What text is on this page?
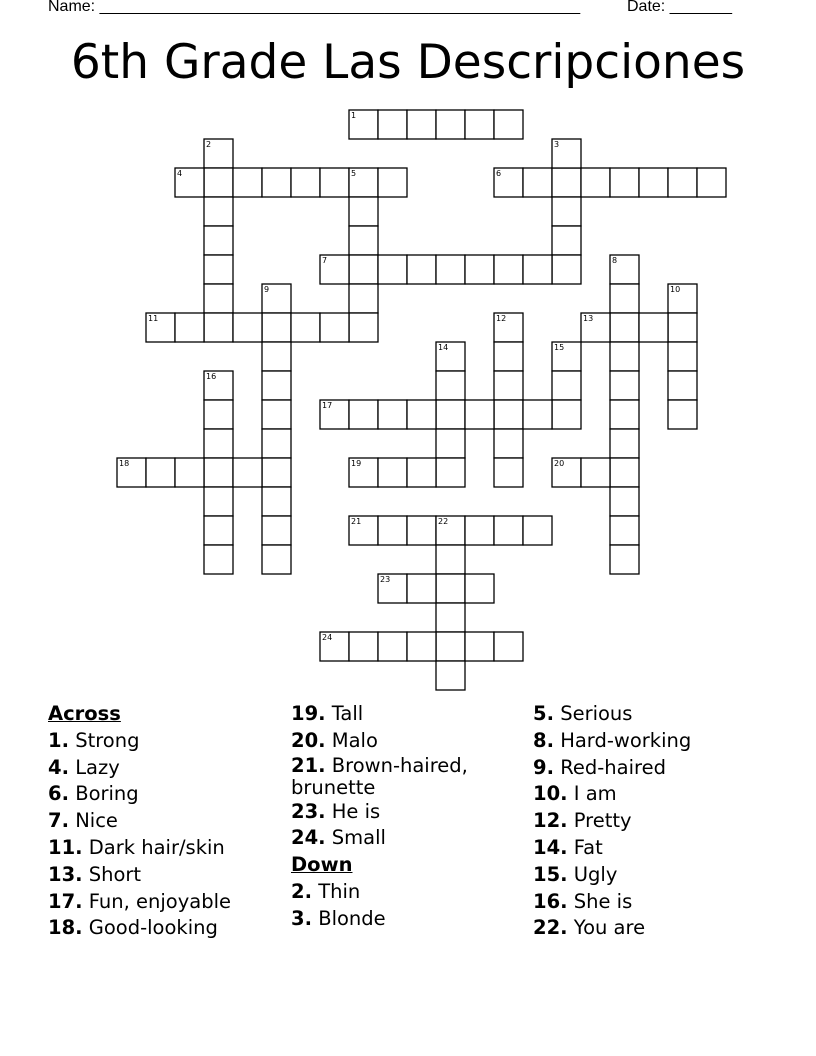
Name: ______________________________________________________	Date: _______
6th Grade Las Descripciones
1
2	3
4	5	6
7	8
9	10
11	12	13
14	15
16
17
18	19	20
21	22
23
24
Across
1. Strong
4. Lazy
6. Boring
7. Nice
11. Dark hair/skin
13. Short
17. Fun, enjoyable
18. Good-looking
19. Tall
20. Malo
21. Brown-haired, brunette
23. He is
24. Small
Down
2. Thin
3. Blonde
5. Serious
8. Hard-working
9. Red-haired
10. I am
12. Pretty
14. Fat
15. Ugly
16. She is
22. You are
